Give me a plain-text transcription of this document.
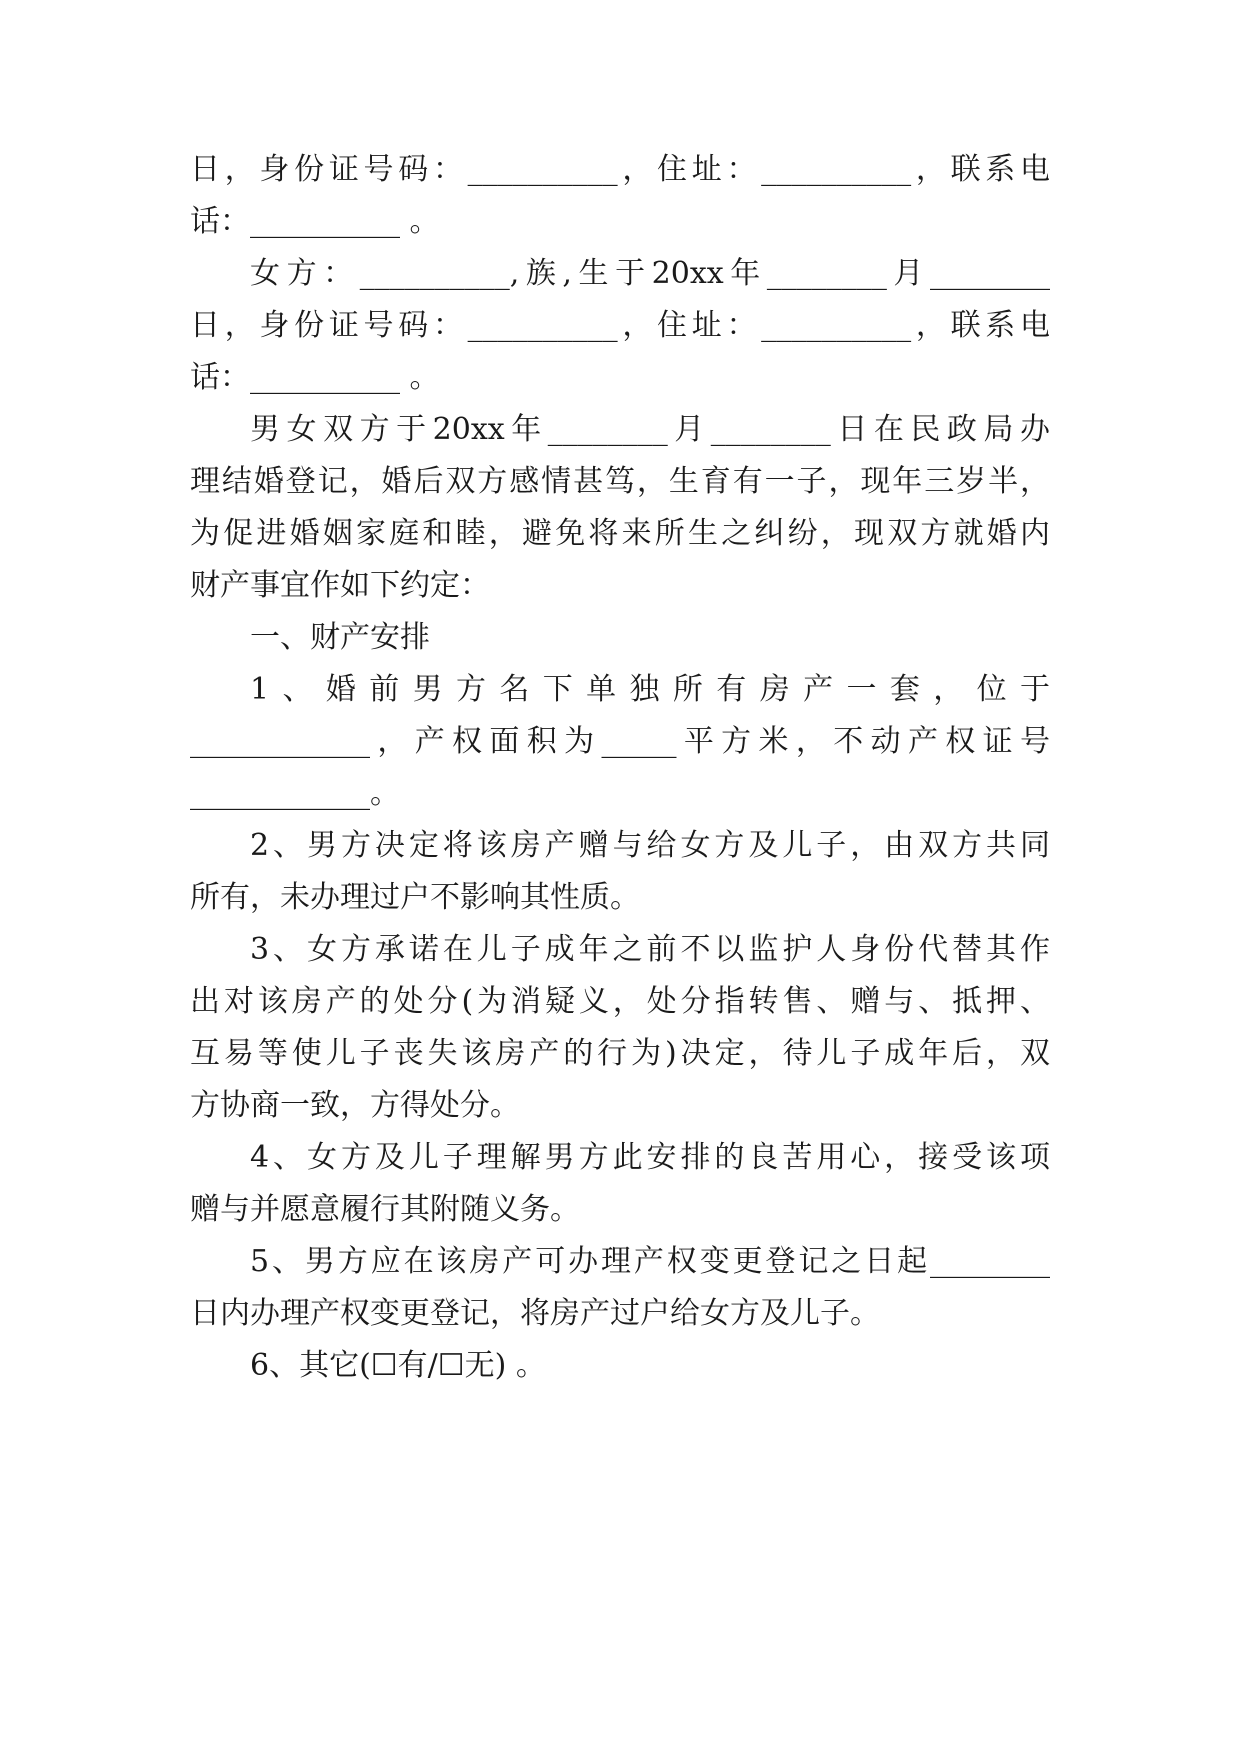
日，身份证号码：__________，住址：__________，联系电
话：__________ 。
女方：__________,族,生于20xx年________月________
日，身份证号码：__________，住址：__________，联系电
话：__________ 。
男女双方于20xx年________月________日在民政局办
理结婚登记，婚后双方感情甚笃，生育有一子，现年三岁半，
为促进婚姻家庭和睦，避免将来所生之纠纷，现双方就婚内
财产事宜作如下约定：
一、财产安排
1、婚前男方名下单独所有房产一套，位于
____________，产权面积为_____平方米，不动产权证号
____________。
2、男方决定将该房产赠与给女方及儿子，由双方共同
所有，未办理过户不影响其性质。
3、女方承诺在儿子成年之前不以监护人身份代替其作
出对该房产的处分(为消疑义，处分指转售、赠与、抵押、
互易等使儿子丧失该房产的行为)决定，待儿子成年后，双
方协商一致，方得处分。
4、女方及儿子理解男方此安排的良苦用心，接受该项
赠与并愿意履行其附随义务。
5、男方应在该房产可办理产权变更登记之日起________
日内办理产权变更登记，将房产过户给女方及儿子。
6、其它(☐有/☐无) 。
